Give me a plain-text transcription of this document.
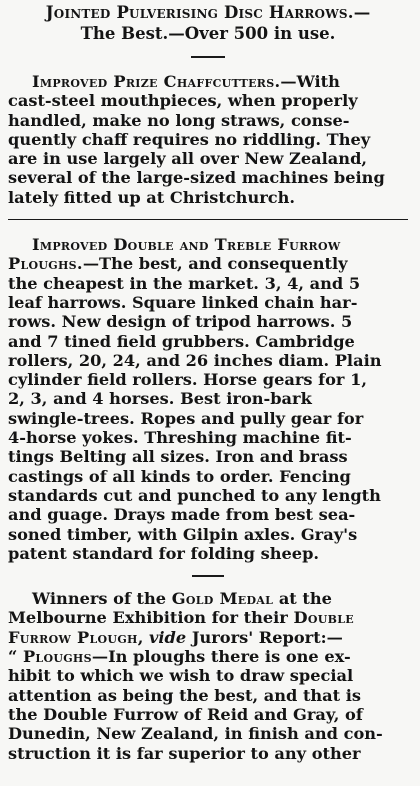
Jointed Pulverising Disc Harrows.—
The Best.—Over 500 in use.
Improved Prize Chaffcutters.—With
cast-steel mouthpieces, when properly
handled, make no long straws, conse-
quently chaff requires no riddling. They
are in use largely all over New Zealand,
several of the large-sized machines being
lately fitted up at Christchurch.
Improved Double and Treble Furrow
Ploughs.—The best, and consequently
the cheapest in the market. 3, 4, and 5
leaf harrows. Square linked chain har-
rows. New design of tripod harrows. 5
and 7 tined field grubbers. Cambridge
rollers, 20, 24, and 26 inches diam. Plain
cylinder field rollers. Horse gears for 1,
2, 3, and 4 horses. Best iron-bark
swingle-trees. Ropes and pully gear for
4-horse yokes. Threshing machine fit-
tings Belting all sizes. Iron and brass
castings of all kinds to order. Fencing
standards cut and punched to any length
and guage. Drays made from best sea-
soned timber, with Gilpin axles. Gray's
patent standard for folding sheep.
Winners of the Gold Medal at the
Melbourne Exhibition for their Double
Furrow Plough, vide Jurors' Report:—
“ Ploughs—In ploughs there is one ex-
hibit to which we wish to draw special
attention as being the best, and that is
the Double Furrow of Reid and Gray, of
Dunedin, New Zealand, in finish and con-
struction it is far superior to any other
